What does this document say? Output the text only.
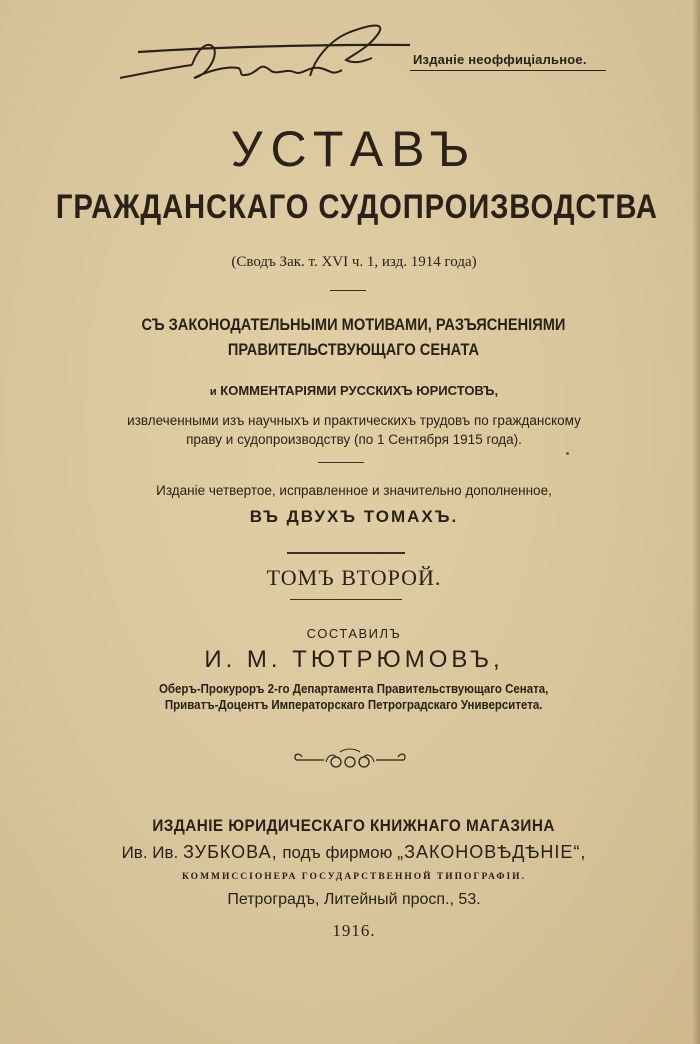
Изданіе неоффиціальное.
УСТАВЪ
ГРАЖДАНСКАГО СУДОПРОИЗВОДСТВА
(Сводъ Зак. т. XVI ч. 1, изд. 1914 года)
СЪ ЗАКОНОДАТЕЛЬНЫМИ МОТИВАМИ, РАЗЪЯСНЕНІЯМИ
ПРАВИТЕЛЬСТВУЮЩАГО СЕНАТА
и КОММЕНТАРІЯМИ РУССКИХЪ ЮРИСТОВЪ,
извлеченными изъ научныхъ и практическихъ трудовъ по гражданскому
праву и судопроизводству (по 1 Сентября 1915 года).
Изданіе четвертое, исправленное и значительно дополненное,
ВЪ ДВУХЪ ТОМАХЪ.
ТОМЪ ВТОРОЙ.
СОСТАВИЛЪ
И. М. ТЮТРЮМОВЪ,
Оберъ-Прокуроръ 2-го Департамента Правительствующаго Сената,
Приватъ-Доцентъ Императорскаго Петроградскаго Университета.
ИЗДАНІЕ ЮРИДИЧЕСКАГО КНИЖНАГО МАГАЗИНА
Ив. Ив. ЗУБКОВА, подъ фирмою „ЗАКОНОВѢДѢНІЕ“,
КОММИССІОНЕРА ГОСУДАРСТВЕННОЙ ТИПОГРАФІИ.
Петроградъ, Литейный просп., 53.
1916.
